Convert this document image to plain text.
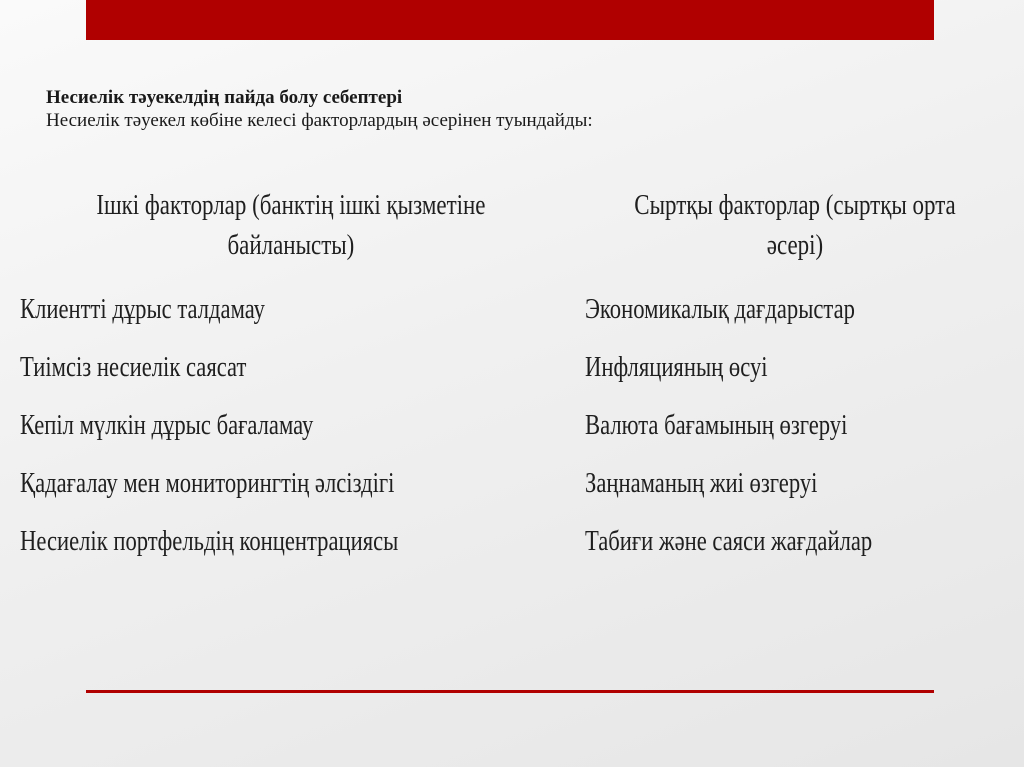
Несиелік тәуекелдің пайда болу себептері
Несиелік тәуекел көбіне келесі факторлардың әсерінен туындайды:
Ішкі факторлар (банктің ішкі қызметіне
байланысты)
Клиентті дұрыс талдамау
Тиімсіз несиелік саясат
Кепіл мүлкін дұрыс бағаламау
Қадағалау мен мониторингтің әлсіздігі
Несиелік портфельдің концентрациясы
Сыртқы факторлар (сыртқы орта
әсері)
Экономикалық дағдарыстар
Инфляцияның өсуі
Валюта бағамының өзгеруі
Заңнаманың жиі өзгеруі
Табиғи және саяси жағдайлар
